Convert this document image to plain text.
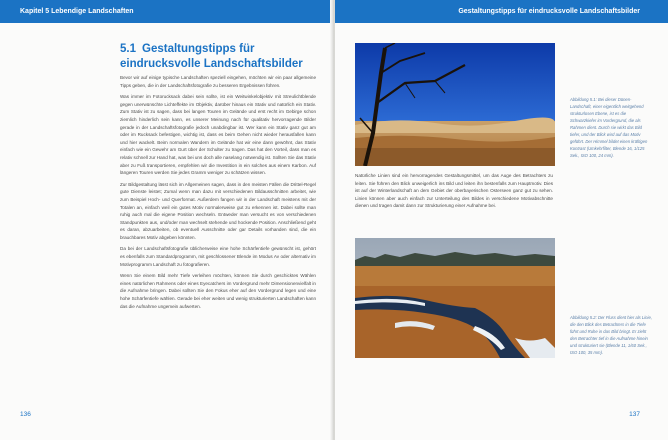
Kapitel 5 Lebendige Landschaften
5.1 Gestaltungstipps für eindrucksvolle Landschaftsbilder

Bevor wir auf einige typische Landschaften speziell eingehen, möchten wir ein paar allgemeine Tipps geben, die in der Landschaftsfotografie zu besseren Ergebnissen führen.

Was immer im Fotorucksack dabei sein sollte, ist ein Weitwinkelobjektiv mit Streulichtblende gegen unerwünschte Lichteffekte im Objektiv, darüber hinaus ein Stativ und natürlich ein Stativ. Zum Stativ ist zu sagen, dass bei langen Touren im Gelände und erst recht im Gebirge schon ziemlich hinderlich sein kann, es unserer Meinung nach für qualitativ hervorragende Bilder gerade in der Landschaftsfotografie jedoch unabdingbar ist. Wer kann ein Stativ ganz gut am oder im Rucksack befestigen, wichtig ist, dass es beim Gehen nicht wieder herausfallen kann und hier wackelt. Beim normalen Wandern im Gelände hat wir eine dann gewöhnt, das Stativ einfach wie ein Gewehr am Gurt über der Schulter zu tragen. Das hat den Vorteil, dass man es relativ schnell zur Hand hat, was bei uns doch alle naselang notwendig ist. Sollten Sie das Stativ aber zu Fuß transportieren, empfehlen wir die Investition in ein solches aus einem Karbon. Auf längeren Touren werden Sie jedes Gramm weniger zu schätzen wissen.

Zur Bildgestaltung lässt sich im Allgemeinen sagen, dass in den meisten Fällen die Drittel-Regel gute Dienste leistet; Zumal wenn man dazu mit verschiedenen Bildausschnitten arbeitet, wie zum Beispiel Hoch- und Querformat. Außerdem fangen wir in der Landschaft meistens mit der Totalen an, einfach weil ein gutes Motiv normalerweise gut zu erkennen ist. Dabei sollte man ruhig auch mal die eigene Position wechseln. Entweder man versucht es von verschiedenen Standpunkten aus, und/oder man wechselt stehende und hockende Position. Anschließend geht es daran, abzuarbeiten, ob eventuell Ausschnitte oder gar Details vorhanden sind, die ein brauchbares Motiv abgeben könnten.

Da bei der Landschaftsfotografie üblicherweise eine hohe Schärfentiefe gewünscht ist, gehört es ebenfalls zum Standardprogramm, mit geschlossener Blende im Modus Av oder alternativ im Motivprogramm Landschaft zu fotografieren.

Wenn Sie einem Bild mehr Tiefe verleihen möchten, können Sie durch geschicktes Wählen eines natürlichen Rahmens oder eines Eyecatchers im Vordergrund mehr Dimensionenvielfalt in die Aufnahme bringen. Dabei sollten Sie den Fokus eher auf den Vordergrund legen und eine hohe Schärfentiefe wählen. Gerade bei eher weiten und wenig strukturierten Landschaften kann das die Aufnahme ungemein aufwerten.

136
Gestaltungstipps für eindrucksvolle Landschaftsbilder
Abbildung 5.1: Bei dieser Dünen-Landschaft, einer eigentlich weitgehend strukturlosen Ebene, ist es die Schwarzkiefer im Vordergrund, die als Rahmen dient. Durch sie wirkt das Bild tiefer, und der Blick wird auf das Motiv geführt. Der Himmel bildet einen kräftigen Kontrast (Umkehrfilter, Blende 16, 1/125 Sek., ISO 100, 24 mm).
Natürliche Linien sind ein hervorragendes Gestaltungsmittel, um das Auge des Betrachters zu leiten. Sie führen den Blick unweigerlich ins Bild und leiten ihn bestenfalls zum Hauptmotiv. Dies ist auf der Winterlandschaft an dem Gebiet der oberbayerischen Osterseen ganz gut zu sehen. Linien können aber auch einfach zur Unterteilung des Bildes in verschiedene Motivabschnitte dienen und tragen damit dann zur Strukturierung einer Aufnahme bei.
Abbildung 5.2: Der Fluss dient hier als Linie, die den Blick des Betrachters in die Tiefe führt und Ruhe in das Bild bringt. Er zieht den Betrachter tief in die Aufnahme hinein und strukturiert sie (Blende 11, 1/60 Sek., ISO 100, 35 mm).
137
